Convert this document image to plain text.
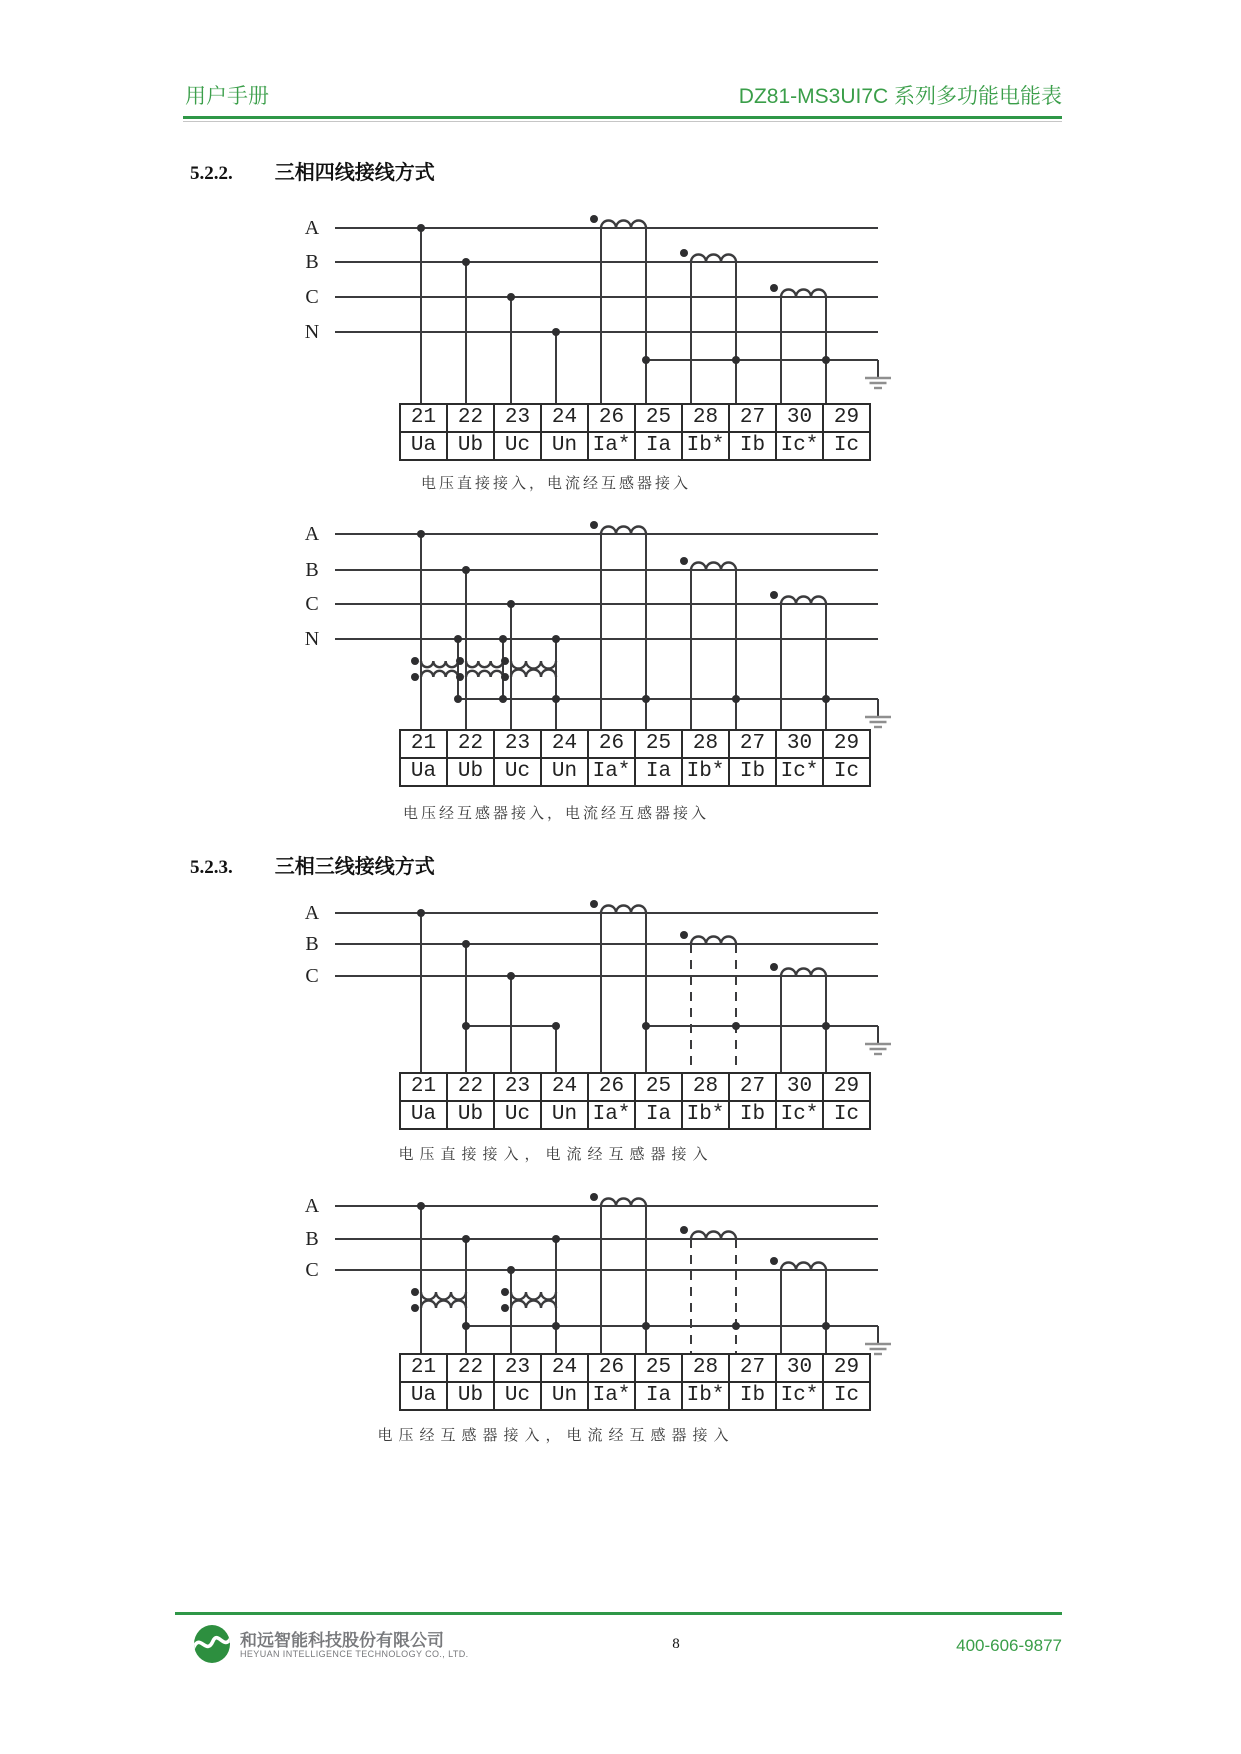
用户手册	DZ81-MS3UI7C 系列多功能电能表
5.2.2. 三相四线接线方式
A
B
C
N
21	22	23	24	26	25	28	27	30	29
Ua	Ub	Uc	Un	Ia*	Ia	Ib*	Ib	Ic*	Ic
电压直接接入，电流经互感器接入
A
B
C
N
21	22	23	24	26	25	28	27	30	29
Ua	Ub	Uc	Un	Ia*	Ia	Ib*	Ib	Ic*	Ic
电压经互感器接入，电流经互感器接入
5.2.3. 三相三线接线方式
A
B
C
21	22	23	24	26	25	28	27	30	29
Ua	Ub	Uc	Un	Ia*	Ia	Ib*	Ib	Ic*	Ic
电压直接接入，电流经互感器接入
A
B
C
21	22	23	24	26	25	28	27	30	29
Ua	Ub	Uc	Un	Ia*	Ia	Ib*	Ib	Ic*	Ic
电压经互感器接入，电流经互感器接入
和远智能科技股份有限公司
HEYUAN INTELLIGENCE TECHNOLOGY CO., LTD.
8	400-606-9877
